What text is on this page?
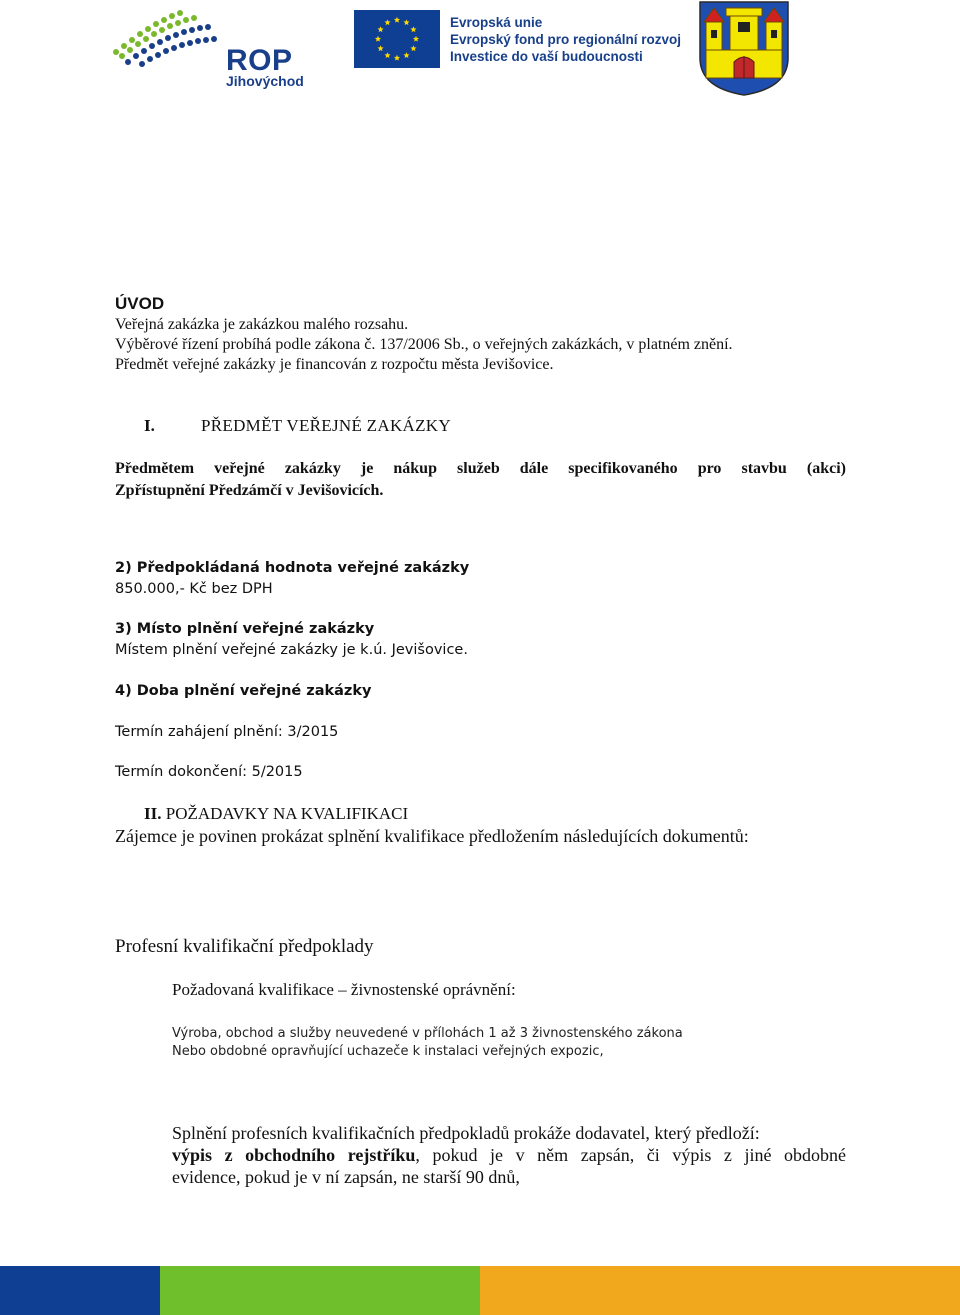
ROP
Jihovýchod
Evropská unie
Evropský fond pro regionální rozvoj
Investice do vaší budoucnosti
ÚVOD
Veřejná zakázka je zakázkou malého rozsahu.
Výběrové řízení probíhá podle zákona č. 137/2006 Sb., o veřejných zakázkách, v platném znění.
Předmět veřejné zakázky je financován z rozpočtu města Jevišovice.
I.	PŘEDMĚT VEŘEJNÉ ZAKÁZKY
Předmětem veřejné zakázky je nákup služeb dále specifikovaného pro stavbu (akci)
Zpřístupnění Předzámčí v Jevišovicích.
2) Předpokládaná hodnota veřejné zakázky
850.000,- Kč bez DPH
3) Místo plnění veřejné zakázky
Místem plnění veřejné zakázky je k.ú. Jevišovice.
4) Doba plnění veřejné zakázky
Termín zahájení plnění: 3/2015
Termín dokončení: 5/2015
II. POŽADAVKY NA KVALIFIKACI
Zájemce je povinen prokázat splnění kvalifikace předložením následujících dokumentů:
Profesní kvalifikační předpoklady
Požadovaná kvalifikace – živnostenské oprávnění:
Výroba, obchod a služby neuvedené v přílohách 1 až 3 živnostenského zákona
Nebo obdobné opravňující uchazeče k instalaci veřejných expozic,
Splnění profesních kvalifikačních předpokladů prokáže dodavatel, který předloží:
výpis z obchodního rejstříku, pokud je v něm zapsán, či výpis z jiné obdobné
evidence, pokud je v ní zapsán, ne starší 90 dnů,
